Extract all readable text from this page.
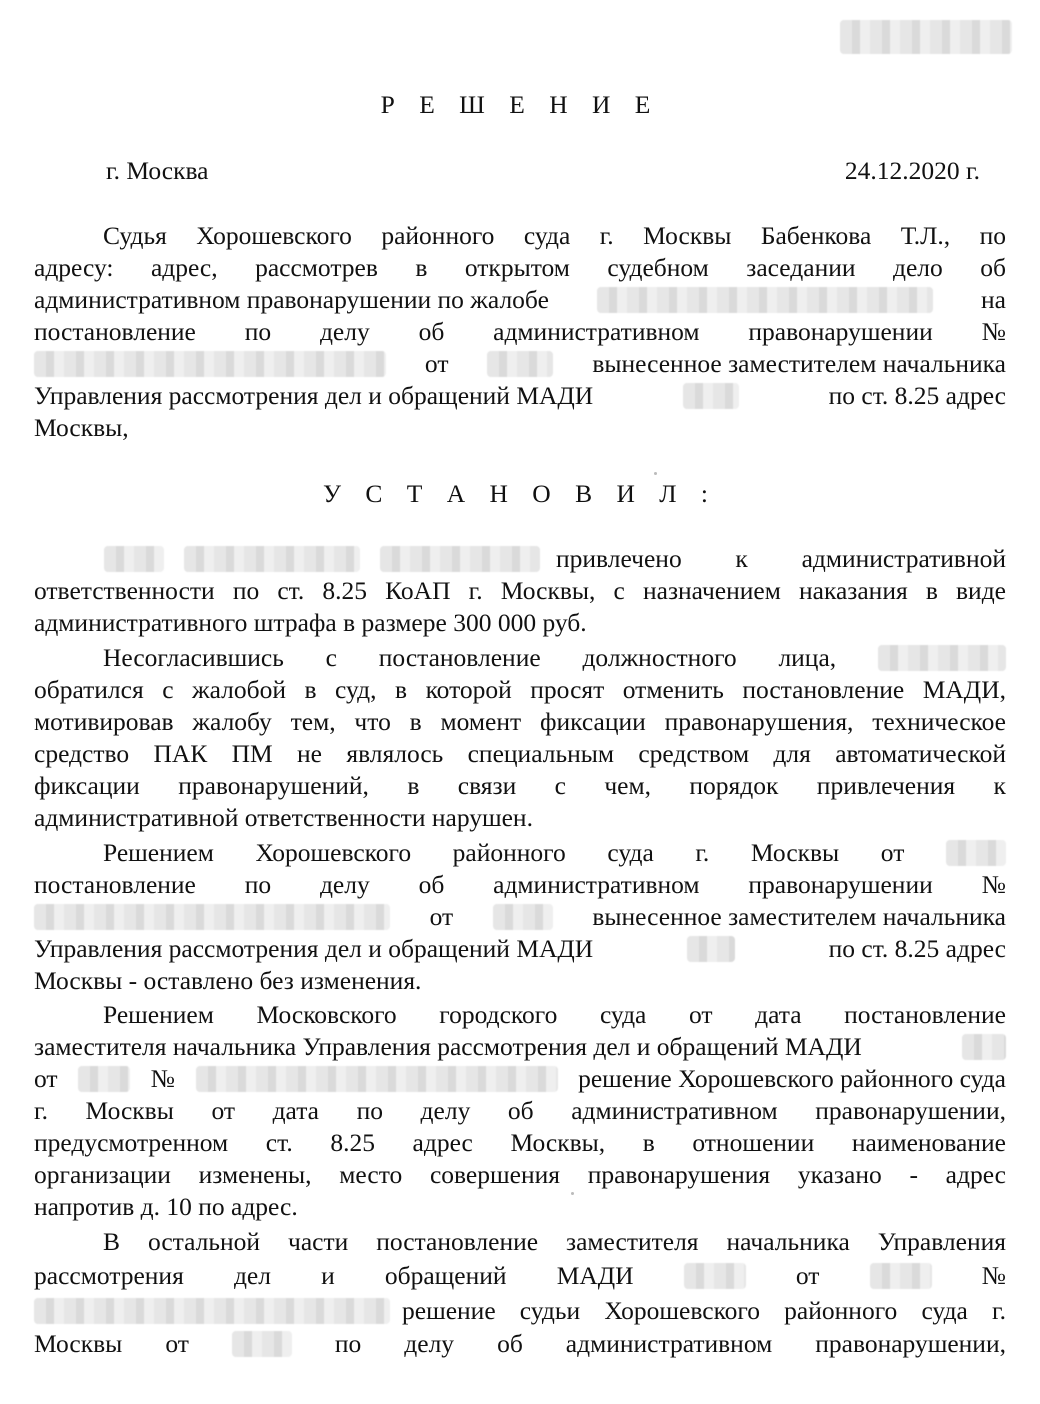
Р Е Ш Е Н И Е
г. Москва	24.12.2020 г.
Судья Хорошевского районного суда г. Москвы Бабенкова Т.Л., по
адресу: адрес, рассмотрев в открытом судебном заседании дело об
административном правонарушении по жалобе	на
постановление по делу об административном правонарушении №
от	вынесенное заместителем начальника
Управления рассмотрения дел и обращений МАДИ	по ст. 8.25 адрес
Москвы,
У С Т А Н О В И Л :
привлечено к административной
ответственности по ст. 8.25 КоАП г. Москвы, с назначением наказания в виде
административного штрафа в размере 300 000 руб.
Несогласившись с постановление должностного лица,
обратился с жалобой в суд, в которой просят отменить постановление МАДИ,
мотивировав жалобу тем, что в момент фиксации правонарушения, техническое
средство ПАК ПМ не являлось специальным средством для автоматической
фиксации правонарушений, в связи с чем, порядок привлечения к
административной ответственности нарушен.
Решением Хорошевского районного суда г. Москвы от
постановление по делу об административном правонарушении №
от	вынесенное заместителем начальника
Управления рассмотрения дел и обращений МАДИ	по ст. 8.25 адрес
Москвы - оставлено без изменения.
Решением Московского городского суда от дата постановление
заместителя начальника Управления рассмотрения дел и обращений МАДИ
от	№	решение Хорошевского районного суда
г. Москвы от дата по делу об административном правонарушении,
предусмотренном ст. 8.25 адрес Москвы, в отношении наименование
организации изменены, место совершения правонарушения указано - адрес
напротив д. 10 по адрес.
В остальной части постановление заместителя начальника Управления
рассмотрения дел и обращений МАДИ	от	№
решение судьи Хорошевского районного суда г.
Москвы от	по делу об административном правонарушении,
